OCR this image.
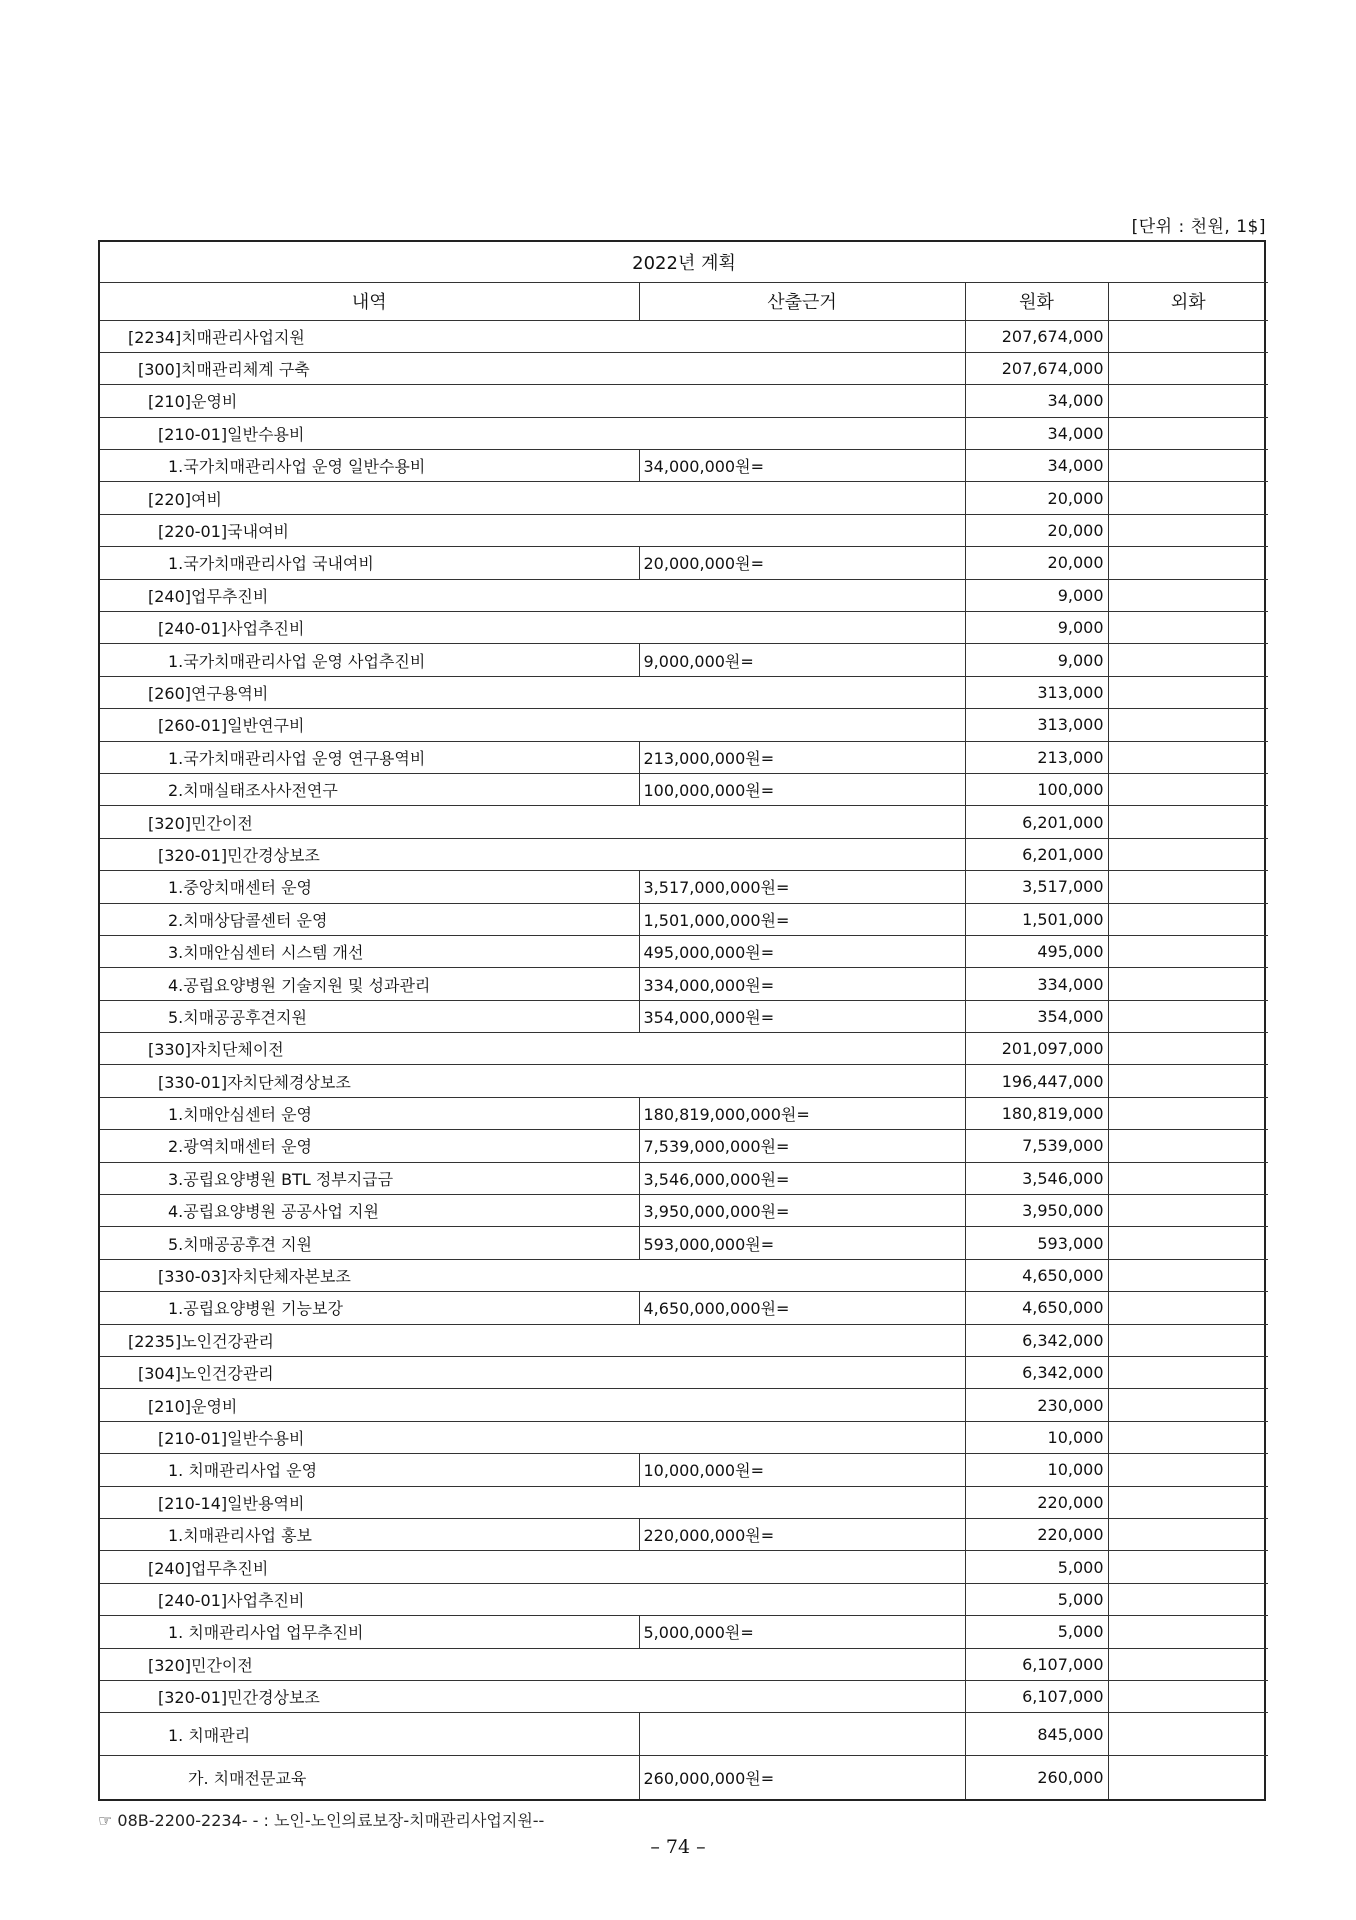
[단위 : 천원, 1$]
2022년 계획			
내역	산출근거	원화	외화
[2234]치매관리사업지원		207,674,000	
[300]치매관리체계 구축		207,674,000	
[210]운영비		34,000	
[210-01]일반수용비		34,000	
1.국가치매관리사업 운영 일반수용비	34,000,000원=	34,000	
[220]여비		20,000	
[220-01]국내여비		20,000	
1.국가치매관리사업 국내여비	20,000,000원=	20,000	
[240]업무추진비		9,000	
[240-01]사업추진비		9,000	
1.국가치매관리사업 운영 사업추진비	9,000,000원=	9,000	
[260]연구용역비		313,000	
[260-01]일반연구비		313,000	
1.국가치매관리사업 운영 연구용역비	213,000,000원=	213,000	
2.치매실태조사사전연구	100,000,000원=	100,000	
[320]민간이전		6,201,000	
[320-01]민간경상보조		6,201,000	
1.중앙치매센터 운영	3,517,000,000원=	3,517,000	
2.치매상담콜센터 운영	1,501,000,000원=	1,501,000	
3.치매안심센터 시스템 개선	495,000,000원=	495,000	
4.공립요양병원 기술지원 및 성과관리	334,000,000원=	334,000	
5.치매공공후견지원	354,000,000원=	354,000	
[330]자치단체이전		201,097,000	
[330-01]자치단체경상보조		196,447,000	
1.치매안심센터 운영	180,819,000,000원=	180,819,000	
2.광역치매센터 운영	7,539,000,000원=	7,539,000	
3.공립요양병원 BTL 정부지급금	3,546,000,000원=	3,546,000	
4.공립요양병원 공공사업 지원	3,950,000,000원=	3,950,000	
5.치매공공후견 지원	593,000,000원=	593,000	
[330-03]자치단체자본보조		4,650,000	
1.공립요양병원 기능보강	4,650,000,000원=	4,650,000	
[2235]노인건강관리		6,342,000	
[304]노인건강관리		6,342,000	
[210]운영비		230,000	
[210-01]일반수용비		10,000	
1. 치매관리사업 운영	10,000,000원=	10,000	
[210-14]일반용역비		220,000	
1.치매관리사업 홍보	220,000,000원=	220,000	
[240]업무추진비		5,000	
[240-01]사업추진비		5,000	
1. 치매관리사업 업무추진비	5,000,000원=	5,000	
[320]민간이전		6,107,000	
[320-01]민간경상보조		6,107,000	
1. 치매관리		845,000	
가. 치매전문교육	260,000,000원=	260,000	
☞ 08B-2200-2234- - : 노인-노인의료보장-치매관리사업지원--
– 74 –
